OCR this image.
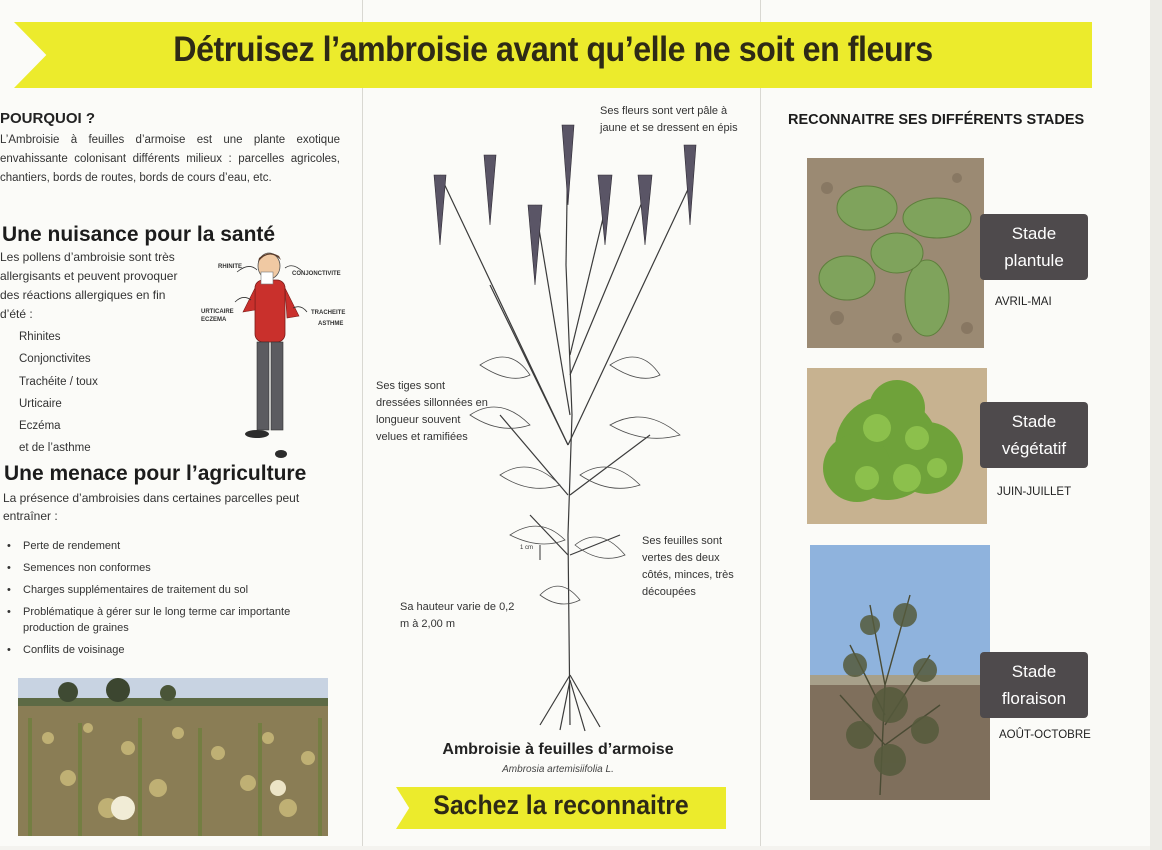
Détruisez l’ambroisie avant qu’elle ne soit en fleurs
POURQUOI ?
L’Ambroisie à feuilles d’armoise est une plante exotique envahissante colonisant différents milieux : parcelles agricoles, chantiers, bords de routes, bords de cours d’eau, etc.
Une nuisance pour la santé
Les pollens d’ambroisie sont très allergisants et peuvent provoquer des réactions allergiques en fin d’été :
Rhinites
Conjonctivites
Trachéite / toux
Urticaire
Eczéma
et de l’asthme
RHINITE
CONJONCTIVITE
URTICAIRE
ECZEMA
TRACHEITE
ASTHME
Une menace pour l’agriculture
La présence d’ambroisies dans certaines parcelles peut entraîner :
• Perte de rendement
• Semences non conformes
• Charges supplémentaires de traitement du sol
• Problématique à gérer sur le long terme car importante production de graines
• Conflits de voisinage
Ses fleurs sont vert pâle à jaune et se dressent en épis
Ses tiges sont dressées sillonnées en longueur souvent velues et ramifiées
Ses feuilles sont vertes des deux côtés, minces, très découpées
Sa hauteur varie de 0,2 m à 2,00 m
1 cm
Ambroisie à feuilles d’armoise
Ambrosia artemisiifolia L.
Sachez la reconnaitre
RECONNAITRE SES DIFFÉRENTS STADES
Stade
plantule
AVRIL-MAI
Stade
végétatif
JUIN-JUILLET
Stade
floraison
AOÛT-OCTOBRE
